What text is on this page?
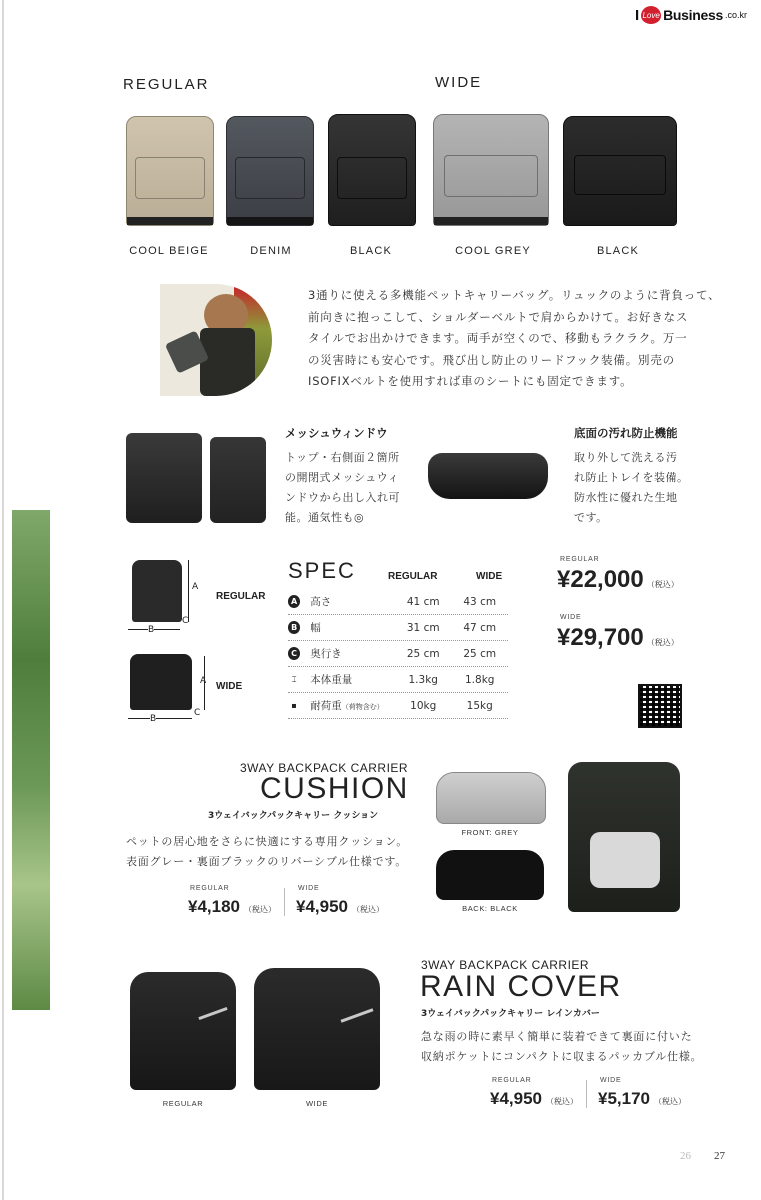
I Love Business .co.kr
REGULAR	WIDE
COOL BEIGE	DENIM	BLACK	COOL GREY	BLACK
3通りに使える多機能ペットキャリーバッグ。リュックのように背負って、
前向きに抱っこして、ショルダーベルトで肩からかけて。お好きなス
タイルでお出かけできます。両手が空くので、移動もラクラク。万一
の災害時にも安心です。飛び出し防止のリードフック装備。別売の
ISOFIXベルトを使用すれば車のシートにも固定できます。
メッシュウィンドウ
トップ・右側面２箇所
の開閉式メッシュウィ
ンドウから出し入れ可
能。通気性も◎
底面の汚れ防止機能
取り外して洗える汚
れ防止トレイを装備。
防水性に優れた生地
です。
A
B
C
REGULAR
A
B
C
WIDE
SPEC	REGULAR	WIDE
A 高さ	41 cm	43 cm
B 幅	31 cm	47 cm
C	奥行き	25 cm	25 cm
⌶	本体重量	1.3kg	1.8kg
▪	耐荷重（荷物含む）	10kg	15kg
REGULAR
¥22,000 （税込）
WIDE
¥29,700 （税込）
3WAY BACKPACK CARRIER
CUSHION
3ウェイバックパックキャリー クッション
ペットの居心地をさらに快適にする専用クッション。
表面グレー・裏面ブラックのリバーシブル仕様です。
REGULAR
¥4,180 （税込）
WIDE
¥4,950 （税込）
FRONT: GREY
BACK: BLACK
REGULAR	WIDE
3WAY BACKPACK CARRIER
RAIN COVER
3ウェイバックパックキャリー レインカバー
急な雨の時に素早く簡単に装着できて裏面に付いた
収納ポケットにコンパクトに収まるパッカブル仕様。
REGULAR
¥4,950 （税込）
WIDE
¥5,170 （税込）
26 27
